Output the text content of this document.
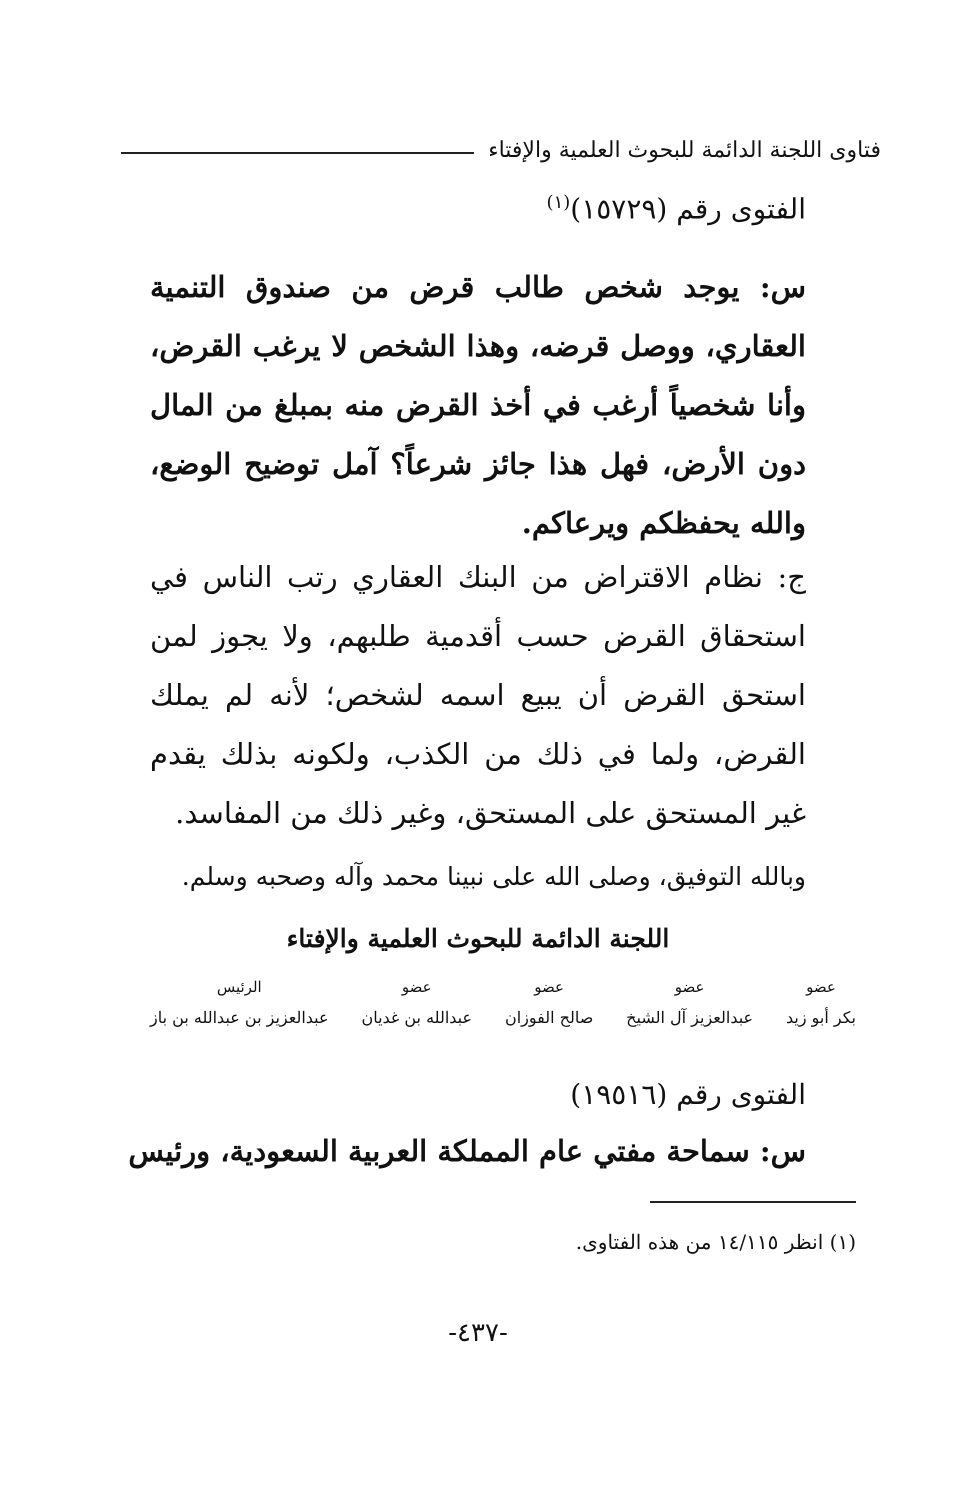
فتاوى اللجنة الدائمة للبحوث العلمية والإفتاء
الفتوى رقم (١٥٧٢٩)$^{(١)}$
س: يوجد شخص طالب قرض من صندوق التنمية العقاري، ووصل قرضه، وهذا الشخص لا يرغب القرض، وأنا شخصياً أرغب في أخذ القرض منه بمبلغ من المال دون الأرض، فهل هذا جائز شرعاً؟ آمل توضيح الوضع، والله يحفظكم ويرعاكم.
ج: نظام الاقتراض من البنك العقاري رتب الناس في استحقاق القرض حسب أقدمية طلبهم، ولا يجوز لمن استحق القرض أن يبيع اسمه لشخص؛ لأنه لم يملك القرض، ولما في ذلك من الكذب، ولكونه بذلك يقدم غير المستحق على المستحق، وغير ذلك من المفاسد.
وبالله التوفيق، وصلى الله على نبينا محمد وآله وصحبه وسلم.
اللجنة الدائمة للبحوث العلمية والإفتاء
عضو
بكر أبو زيد
عضو
عبدالعزيز آل الشيخ
عضو
صالح الفوزان
عضو
عبدالله بن غديان
الرئيس
عبدالعزيز بن عبدالله بن باز
الفتوى رقم (١٩٥١٦)
س: سماحة مفتي عام المملكة العربية السعودية، ورئيس
(١) انظر ١٤/١١٥ من هذه الفتاوى.
-٤٣٧-
